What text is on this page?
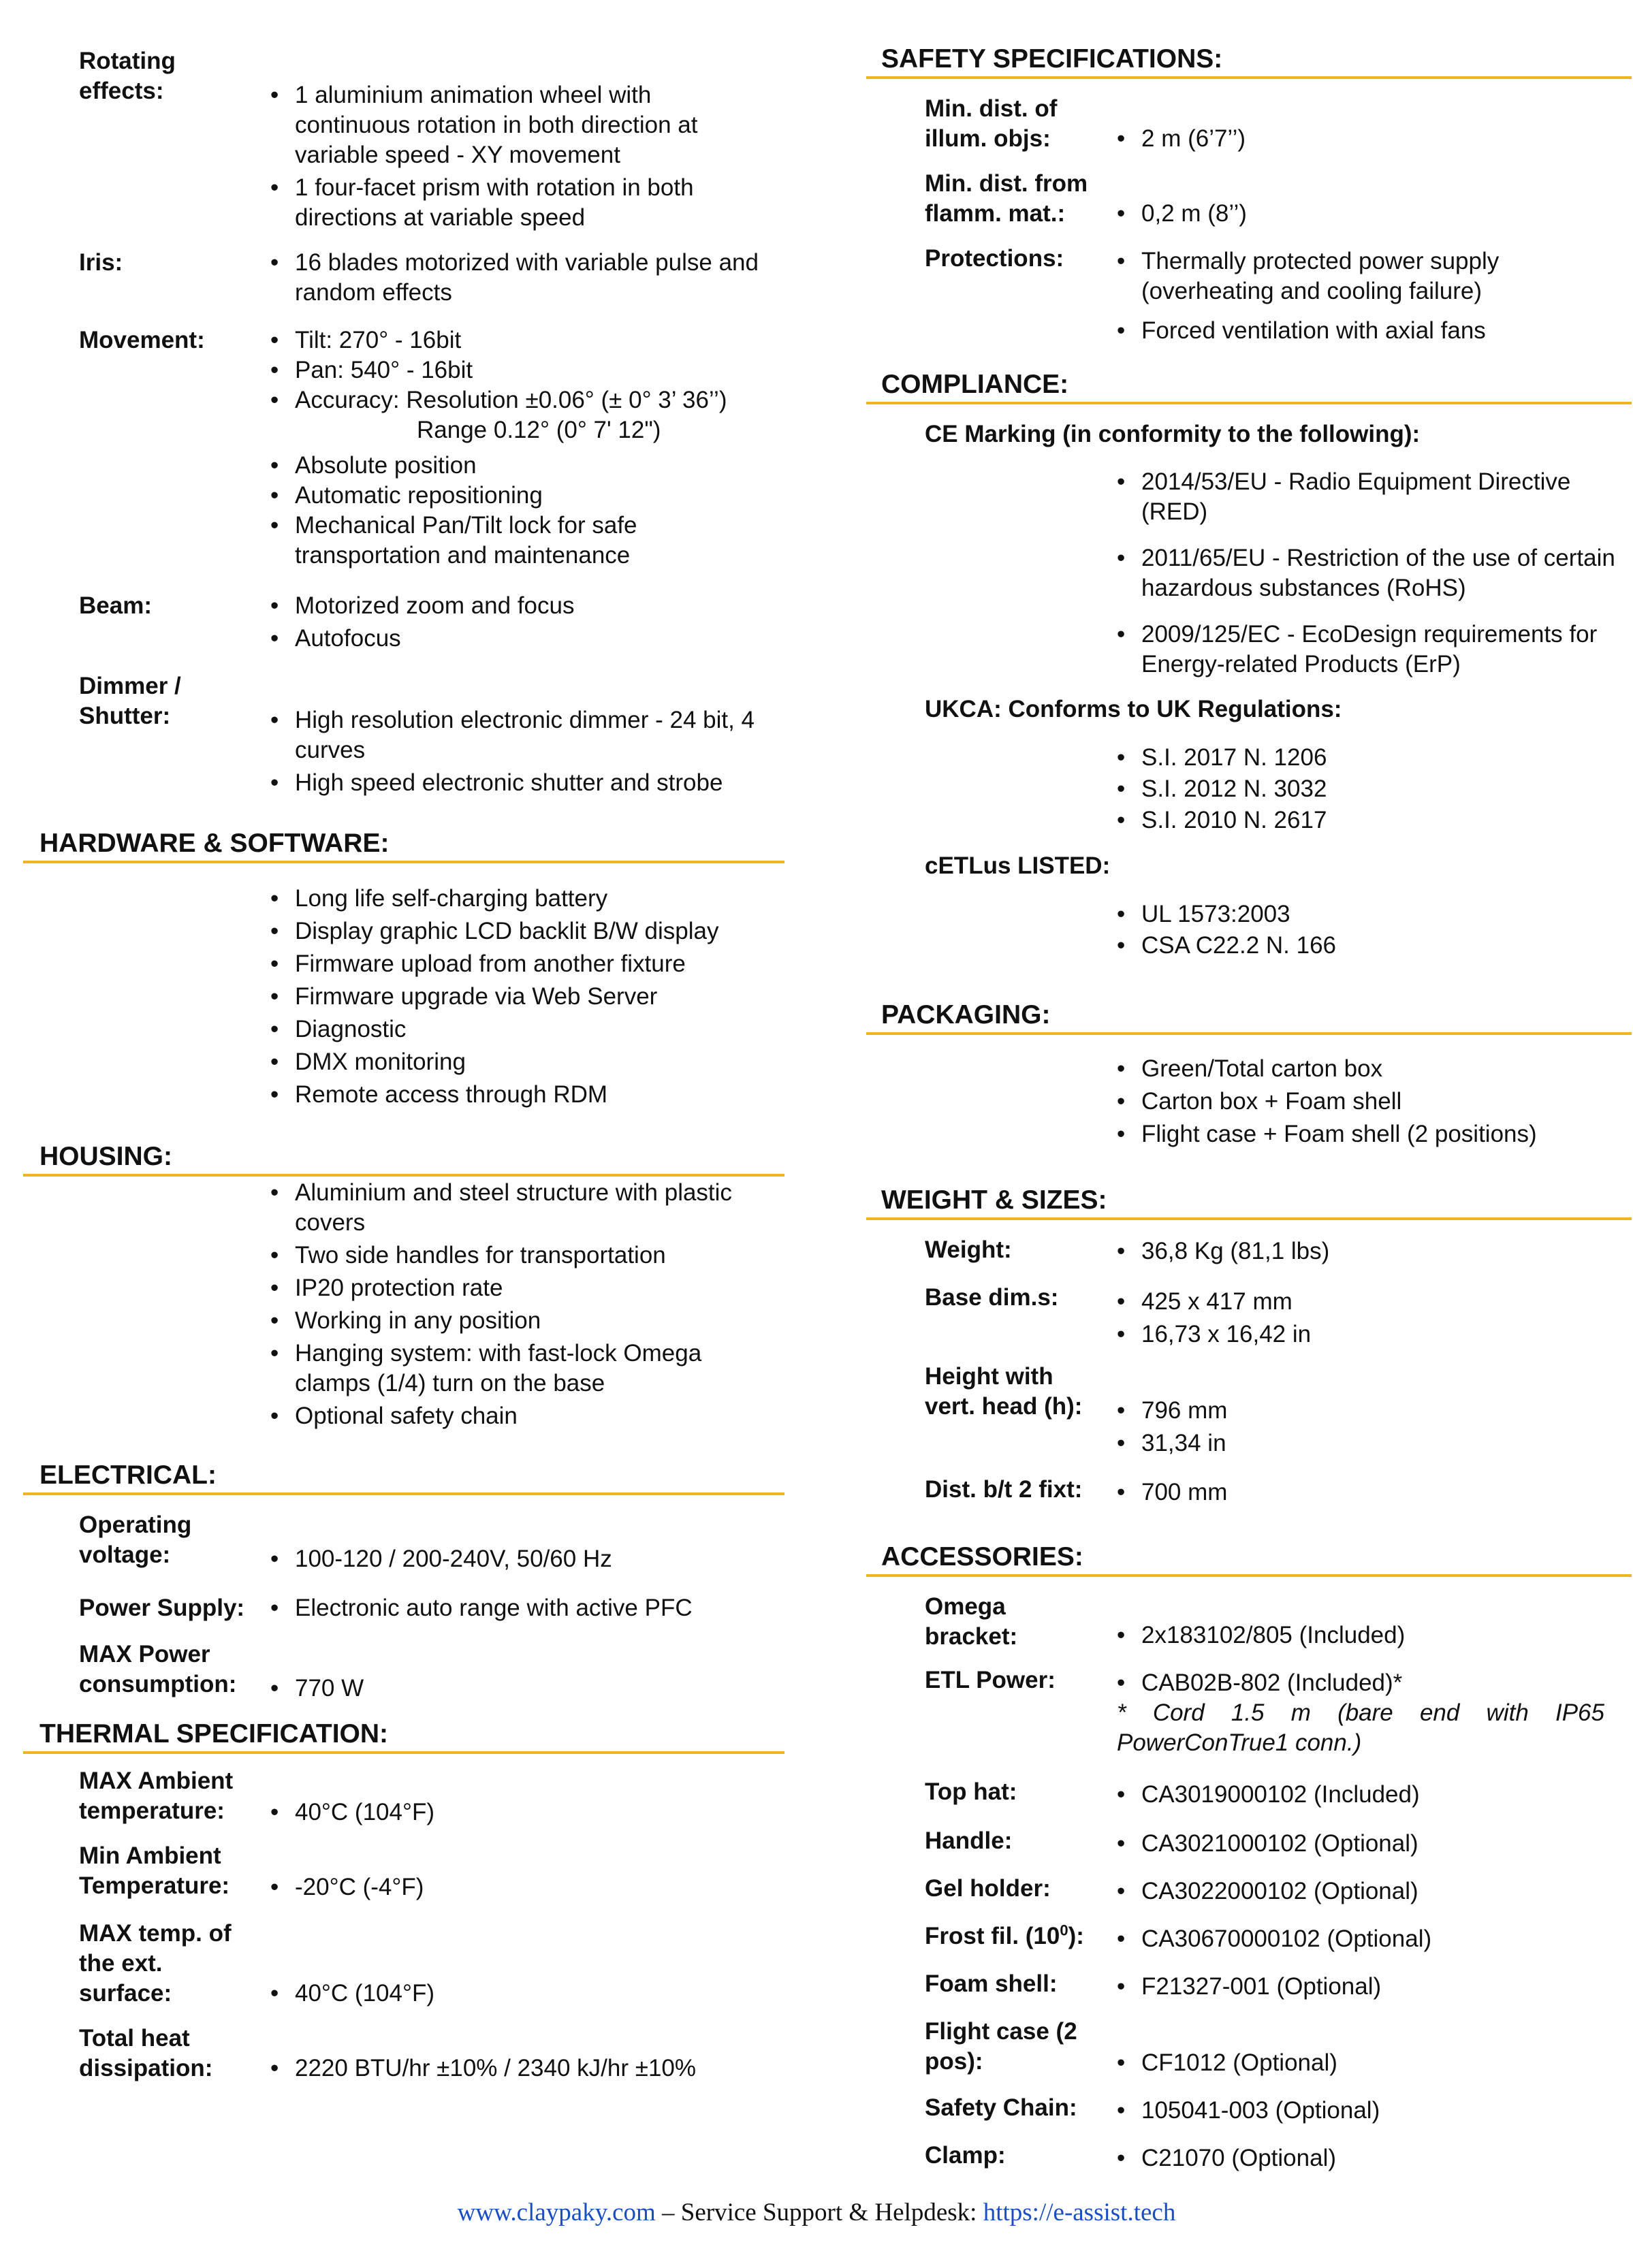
Rotating
effects:	• 1 aluminium animation wheel with continuous rotation in both direction at variable speed - XY movement
• 1 four-facet prism with rotation in both directions at variable speed
Iris:	• 16 blades motorized with variable pulse and random effects
Movement:	• Tilt: 270° - 16bit
• Pan: 540° - 16bit
• Accuracy: Resolution ±0.06° (± 0° 3’ 36’’)
Range 0.12° (0° 7' 12")
• Absolute position
• Automatic repositioning
• Mechanical Pan/Tilt lock for safe transportation and maintenance
Beam:	• Motorized zoom and focus
• Autofocus
Dimmer /
Shutter:	• High resolution electronic dimmer - 24 bit, 4 curves
• High speed electronic shutter and strobe
HARDWARE & SOFTWARE:
• Long life self-charging battery
• Display graphic LCD backlit B/W display
• Firmware upload from another fixture
• Firmware upgrade via Web Server
• Diagnostic
• DMX monitoring
• Remote access through RDM
HOUSING:
• Aluminium and steel structure with plastic covers
• Two side handles for transportation
• IP20 protection rate
• Working in any position
• Hanging system: with fast-lock Omega clamps (1/4) turn on the base
• Optional safety chain
ELECTRICAL:
Operating
voltage:	• 100-120 / 200-240V, 50/60 Hz
Power Supply: • Electronic auto range with active PFC
MAX Power
consumption: • 770 W
THERMAL SPECIFICATION:
MAX Ambient
temperature:	• 40°C (104°F)
Min Ambient
Temperature:	• -20°C (-4°F)
MAX temp. of
the ext.
surface:	• 40°C (104°F)
Total heat
dissipation:	• 2220 BTU/hr ±10% / 2340 kJ/hr ±10%
SAFETY SPECIFICATIONS:
Min. dist. of
illum. objs:	• 2 m (6’7’’)
Min. dist. from
flamm. mat.:	• 0,2 m (8’’)
Protections:	• Thermally protected power supply (overheating and cooling failure)
• Forced ventilation with axial fans
COMPLIANCE:
CE Marking (in conformity to the following):
• 2014/53/EU - Radio Equipment Directive (RED)
• 2011/65/EU - Restriction of the use of certain hazardous substances (RoHS)
• 2009/125/EC - EcoDesign requirements for Energy-related Products (ErP)
UKCA: Conforms to UK Regulations:
• S.I. 2017 N. 1206
• S.I. 2012 N. 3032
• S.I. 2010 N. 2617
cETLus LISTED:
• UL 1573:2003
• CSA C22.2 N. 166
PACKAGING:
• Green/Total carton box
• Carton box + Foam shell
• Flight case + Foam shell (2 positions)
WEIGHT & SIZES:
Weight:	• 36,8 Kg (81,1 lbs)
Base dim.s:	• 425 x 417 mm
• 16,73 x 16,42 in
Height with
vert. head (h): • 796 mm
• 31,34 in
Dist. b/t 2 fixt: • 700 mm
ACCESSORIES:
Omega
bracket:	• 2x183102/805 (Included)
ETL Power:	• CAB02B-802 (Included)*
* Cord 1.5 m (bare end with IP65
PowerConTrue1 conn.)
Top hat:	• CA3019000102 (Included)
Handle:	• CA3021000102 (Optional)
Gel holder:	• CA3022000102 (Optional)
Frost fil. $(10^0)$: • CA30670000102 (Optional)
Foam shell:	• F21327-001 (Optional)
Flight case (2
pos):	• CF1012 (Optional)
Safety Chain:	• 105041-003 (Optional)
Clamp:	• C21070 (Optional)
www.claypaky.com – Service Support & Helpdesk: https://e-assist.tech
